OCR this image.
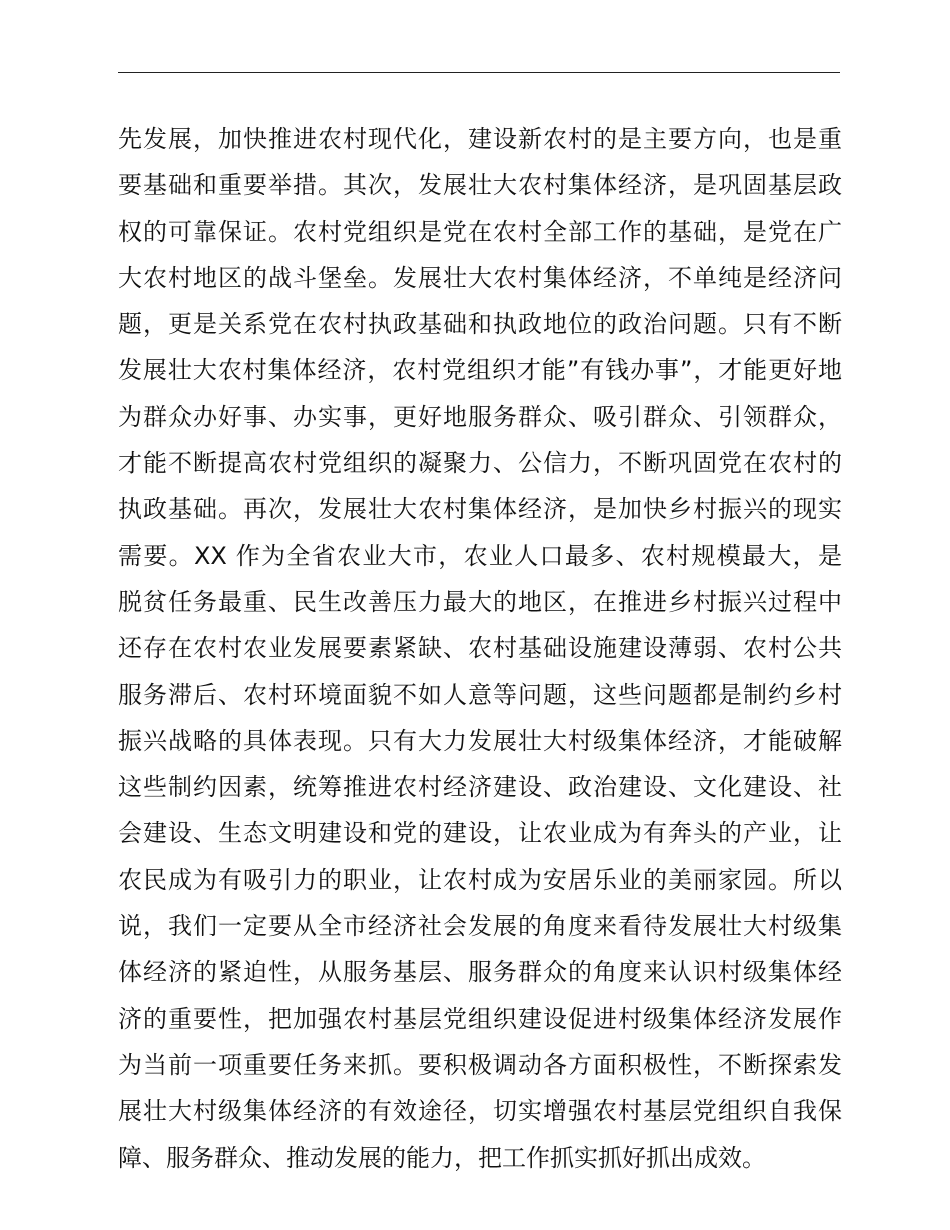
先发展，加快推进农村现代化，建设新农村的是主要方向，也是重
要基础和重要举措。其次，发展壮大农村集体经济，是巩固基层政
权的可靠保证。农村党组织是党在农村全部工作的基础，是党在广
大农村地区的战斗堡垒。发展壮大农村集体经济，不单纯是经济问
题，更是关系党在农村执政基础和执政地位的政治问题。只有不断
发展壮大农村集体经济，农村党组织才能”有钱办事”，才能更好地
为群众办好事、办实事，更好地服务群众、吸引群众、引领群众，
才能不断提高农村党组织的凝聚力、公信力，不断巩固党在农村的
执政基础。再次，发展壮大农村集体经济，是加快乡村振兴的现实
需要。XX 作为全省农业大市，农业人口最多、农村规模最大，是
脱贫任务最重、民生改善压力最大的地区，在推进乡村振兴过程中
还存在农村农业发展要素紧缺、农村基础设施建设薄弱、农村公共
服务滞后、农村环境面貌不如人意等问题，这些问题都是制约乡村
振兴战略的具体表现。只有大力发展壮大村级集体经济，才能破解
这些制约因素，统筹推进农村经济建设、政治建设、文化建设、社
会建设、生态文明建设和党的建设，让农业成为有奔头的产业，让
农民成为有吸引力的职业，让农村成为安居乐业的美丽家园。所以
说，我们一定要从全市经济社会发展的角度来看待发展壮大村级集
体经济的紧迫性，从服务基层、服务群众的角度来认识村级集体经
济的重要性，把加强农村基层党组织建设促进村级集体经济发展作
为当前一项重要任务来抓。要积极调动各方面积极性，不断探索发
展壮大村级集体经济的有效途径，切实增强农村基层党组织自我保
障、服务群众、推动发展的能力，把工作抓实抓好抓出成效。
